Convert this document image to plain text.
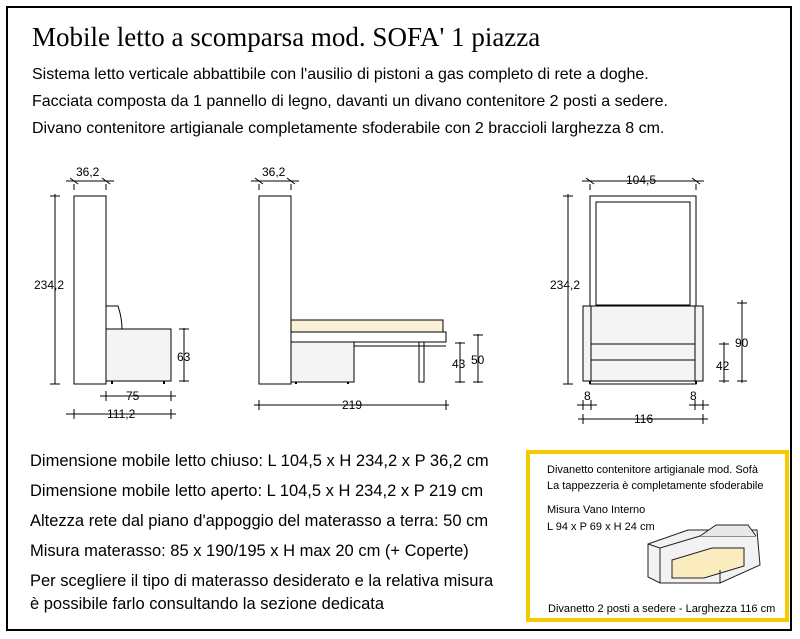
Mobile letto a scomparsa mod. SOFA' 1 piazza
Sistema letto verticale abbattibile con l'ausilio di pistoni a gas completo di rete a doghe.
Facciata composta da 1 pannello di legno, davanti un divano contenitore 2 posti a sedere.
Divano contenitore artigianale completamente sfoderabile con 2 braccioli larghezza 8 cm.
36,2
234,2
63
75
111,2
36,2
219
43 50
104,5
234,2
90
42
8	8
116
Divanetto contenitore artigianale mod. Sofà
La tappezzeria è completamente sfoderabile
Misura Vano Interno
L 94 x P 69 x H 24 cm
Divanetto 2 posti a sedere - Larghezza 116 cm
Dimensione mobile letto chiuso: L 104,5 x H 234,2 x P 36,2 cm
Dimensione mobile letto aperto: L 104,5 x H 234,2 x P 219 cm
Altezza rete dal piano d'appoggio del materasso a terra: 50 cm
Misura materasso: 85 x 190/195 x H max 20 cm (+ Coperte)
Per scegliere il tipo di materasso desiderato e la relativa misura
è possibile farlo consultando la sezione dedicata
